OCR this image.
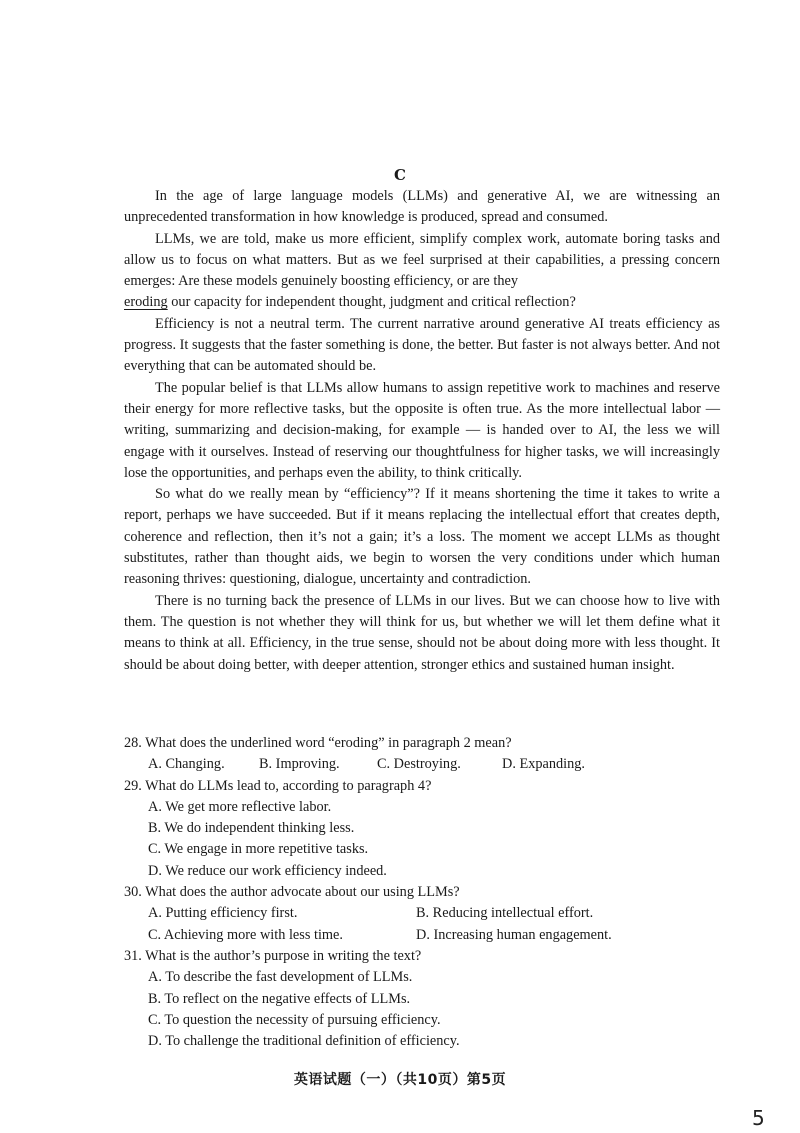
C

In the age of large language models (LLMs) and generative AI, we are witnessing an unprecedented transformation in how knowledge is produced, spread and consumed.

LLMs, we are told, make us more efficient, simplify complex work, automate boring tasks and allow us to focus on what matters. But as we feel surprised at their capabilities, a pressing concern emerges: Are these models genuinely boosting efficiency, or are they
eroding our capacity for independent thought, judgment and critical reflection?

Efficiency is not a neutral term. The current narrative around generative AI treats efficiency as progress. It suggests that the faster something is done, the better. But faster is not always better. And not everything that can be automated should be.

The popular belief is that LLMs allow humans to assign repetitive work to machines and reserve their energy for more reflective tasks, but the opposite is often true. As the more intellectual labor — writing, summarizing and decision-making, for example — is handed over to AI, the less we will engage with it ourselves. Instead of reserving our thoughtfulness for higher tasks, we will increasingly lose the opportunities, and perhaps even the ability, to think critically.

So what do we really mean by “efficiency”? If it means shortening the time it takes to write a report, perhaps we have succeeded. But if it means replacing the intellectual effort that creates depth, coherence and reflection, then it’s not a gain; it’s a loss. The moment we accept LLMs as thought substitutes, rather than thought aids, we begin to worsen the very conditions under which human reasoning thrives: questioning, dialogue, uncertainty and contradiction.

There is no turning back the presence of LLMs in our lives. But we can choose how to live with them. The question is not whether they will think for us, but whether we will let them define what it means to think at all. Efficiency, in the true sense, should not be about doing more with less thought. It should be about doing better, with deeper attention, stronger ethics and sustained human insight.

28. What does the underlined word “eroding” in paragraph 2 mean?
A. Changing.	B. Improving.	C. Destroying.	D. Expanding.
29. What do LLMs lead to, according to paragraph 4?
A. We get more reflective labor.
B. We do independent thinking less.
C. We engage in more repetitive tasks.
D. We reduce our work efficiency indeed.
30. What does the author advocate about our using LLMs?
A. Putting efficiency first.	B. Reducing intellectual effort.
C. Achieving more with less time.	D. Increasing human engagement.
31. What is the author’s purpose in writing the text?
A. To describe the fast development of LLMs.
B. To reflect on the negative effects of LLMs.
C. To question the necessity of pursuing efficiency.
D. To challenge the traditional definition of efficiency.
英语试题（一）（共10页）第5页
5
